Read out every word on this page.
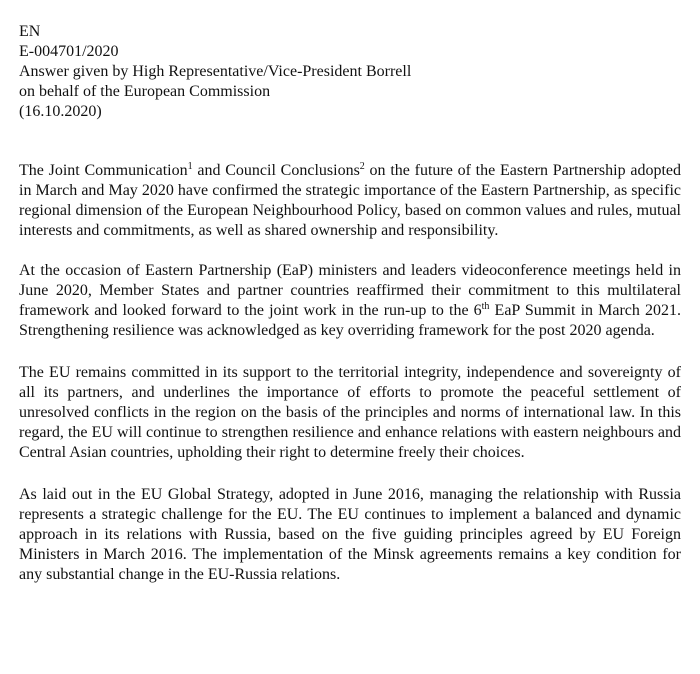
EN
E-004701/2020
Answer given by High Representative/Vice-President Borrell
on behalf of the European Commission
(16.10.2020)

The Joint Communication$^1$ and Council Conclusions$^2$ on the future of the Eastern Partnership adopted in March and May 2020 have confirmed the strategic importance of the Eastern Partnership, as specific regional dimension of the European Neighbourhood Policy, based on common values and rules, mutual interests and commitments, as well as shared ownership and responsibility.

At the occasion of Eastern Partnership (EaP) ministers and leaders videoconference meetings held in June 2020, Member States and partner countries reaffirmed their commitment to this multilateral framework and looked forward to the joint work in the run-up to the 6th EaP Summit in March 2021. Strengthening resilience was acknowledged as key overriding framework for the post 2020 agenda.

The EU remains committed in its support to the territorial integrity, independence and sovereignty of all its partners, and underlines the importance of efforts to promote the peaceful settlement of unresolved conflicts in the region on the basis of the principles and norms of international law. In this regard, the EU will continue to strengthen resilience and enhance relations with eastern neighbours and Central Asian countries, upholding their right to determine freely their choices.

As laid out in the EU Global Strategy, adopted in June 2016, managing the relationship with Russia represents a strategic challenge for the EU. The EU continues to implement a balanced and dynamic approach in its relations with Russia, based on the five guiding principles agreed by EU Foreign Ministers in March 2016. The implementation of the Minsk agreements remains a key condition for any substantial change in the EU-Russia relations.
